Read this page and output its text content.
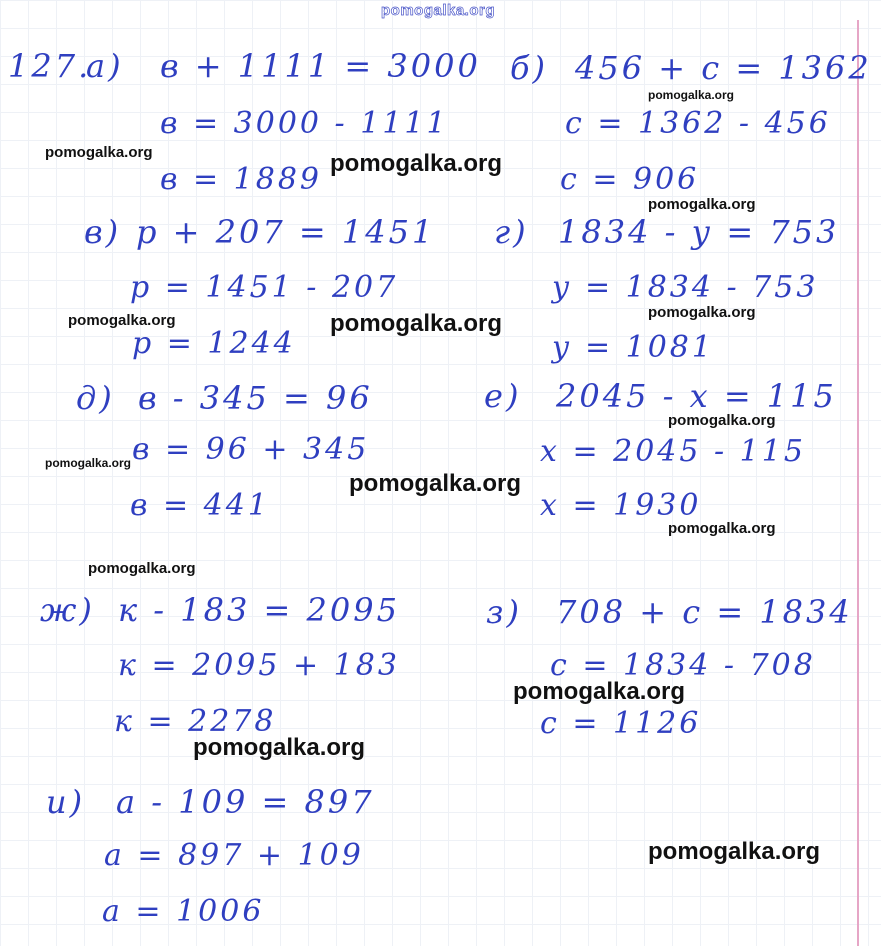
pomogalka.org
127.
а) в + 1111 = 3000
в = 3000 - 1111
в = 1889
б) 456 + с = 1362
с = 1362 - 456
с = 906
в) р + 207 = 1451
р = 1451 - 207
р = 1244
г) 1834 - у = 753
у = 1834 - 753
у = 1081
д) в - 345 = 96
в = 96 + 345
в = 441
е) 2045 - х = 115
х = 2045 - 115
х = 1930
ж) к - 183 = 2095
к = 2095 + 183
к = 2278
з) 708 + с = 1834
с = 1834 - 708
с = 1126
и) а - 109 = 897
а = 897 + 109
а = 1006
pomogalka.org	pomogalka.org
pomogalka.org
pomogalka.org
pomogalka.org	pomogalka.org	pomogalka.org
pomogalka.org
pomogalka.org
pomogalka.org
pomogalka.org
pomogalka.org
pomogalka.org
pomogalka.org
pomogalka.org
